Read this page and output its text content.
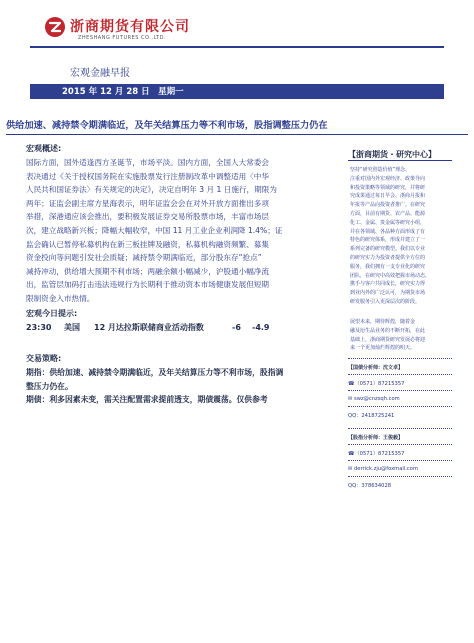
浙商期货有限公司
ZHESHANG FUTURES CO.,LTD.
宏观金融早报
2015 年 12 月 28 日　星期一
供给加速、减持禁令期满临近，及年关结算压力等不利市场，股指调整压力仍在
宏观概述:
国际方面，国外适逢西方圣诞节，市场平淡。国内方面，全国人大常委会
表决通过《关于授权国务院在实施股票发行注册制改革中调整适用〈中华
人民共和国证券法〉有关规定的决定》，决定自明年 3 月 1 日施行，期限为
两年；证监会副主席方星海表示，明年证监会会在对外开放方面推出多项
举措，深港通应该会推出，要积极发展证券交易所股票市场，丰富市场层
次，建立战略新兴板；降幅大幅收窄，中国 11 月工业企业利润降 1.4%；证
监会确认已暂停私募机构在新三板挂牌及融资，私募机构融资频繁、募集
资金投向等问题引发社会质疑；减持禁令期满临近，部分股东存“抢点”
减持冲动，供给增大预期不利市场；两融余额小幅减少，沪股通小幅净流
出，监管层加码打击违法违规行为长期利于推动资本市场健康发展但短期
限制资金入市热情。
宏观今日提示:
23:30 美国 12 月达拉斯联储商业活动指数	-6 -4.9
交易策略:
期指：供给加速、减持禁令期满临近，及年关结算压力等不利市场，股指调
整压力仍在。
期债：利多因素未变，需关注配置需求提前透支，期债震荡。仅供参考
【浙商期货・研究中心】
坚持“研究创造价值”理念，
注重对国内外宏观经济、政策导向
和投资策略等领域的研究，并将研
究成果通过每日早会、浙商月报和
年报等产品向投资者推广。在研究
方面，目前有期货、农产品、能源
化工、金属、贵金属等研究小组，
并在各领域、各品种方面形成了有
特色的研究体系，形成并建立了一
系列完备的研究模型。我们以专业
的研究实力为投资者提供全方位的
服务，我们拥有一支专业化的研究
团队，在研究中高效把握市场动态，
携手与客户共同成长，研究实力得
到业内外的广泛认可，为期货市场
研发服务引入更深层次的阶段。
展望未来，期待辉煌，随着金
融及衍生品业务的不断开拓，在此
基础上，浙商期货研究发展必将迎
来一个更加灿烂辉煌的明天。
【国债分析师：沈文卓】
☎（0571）87215357
✉ swz@cnzsqh.com
QQ：2418725241
【股指分析师：王俊毅】
☎（0571）87215357
✉ derrick.zju@foxmail.com
QQ：378634028
